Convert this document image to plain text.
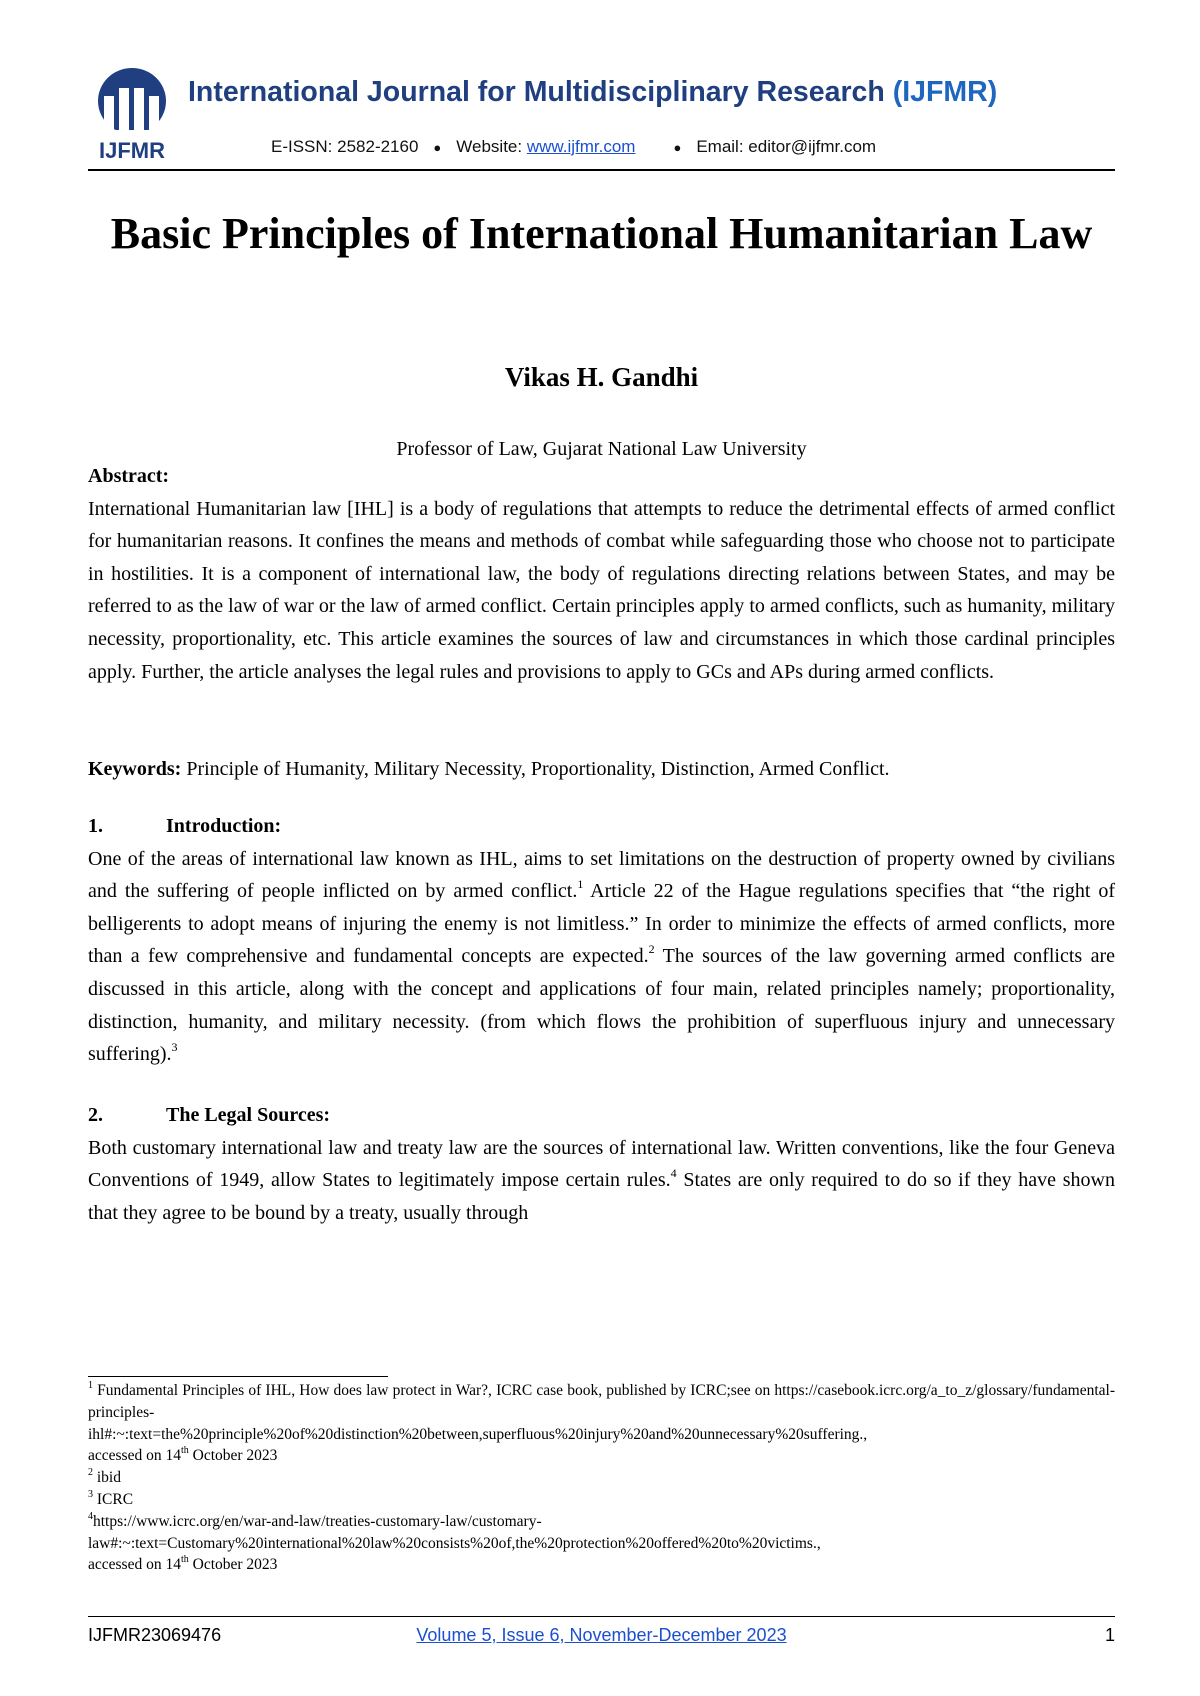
IJFMR
International Journal for Multidisciplinary Research (IJFMR)
E-ISSN: 2582-2160 ● Website: www.ijfmr.com	● Email: editor@ijfmr.com
Basic Principles of International Humanitarian Law
Vikas H. Gandhi
Professor of Law, Gujarat National Law University
Abstract:
International Humanitarian law [IHL] is a body of regulations that attempts to reduce the detrimental effects of armed conflict for humanitarian reasons. It confines the means and methods of combat while safeguarding those who choose not to participate in hostilities. It is a component of international law, the body of regulations directing relations between States, and may be referred to as the law of war or the law of armed conflict. Certain principles apply to armed conflicts, such as humanity, military necessity, proportionality, etc. This article examines the sources of law and circumstances in which those cardinal principles apply. Further, the article analyses the legal rules and provisions to apply to GCs and APs during armed conflicts.
Keywords: Principle of Humanity, Military Necessity, Proportionality, Distinction, Armed Conflict.
1.	Introduction:
One of the areas of international law known as IHL, aims to set limitations on the destruction of property owned by civilians and the suffering of people inflicted on by armed conflict.$^1$ Article 22 of the Hague regulations specifies that “the right of belligerents to adopt means of injuring the enemy is not limitless.” In order to minimize the effects of armed conflicts, more than a few comprehensive and fundamental concepts are expected.$^2$ The sources of the law governing armed conflicts are discussed in this article, along with the concept and applications of four main, related principles namely; proportionality, distinction, humanity, and military necessity. (from which flows the prohibition of superfluous injury and unnecessary suffering).$^3$
2.	The Legal Sources:
Both customary international law and treaty law are the sources of international law. Written conventions, like the four Geneva Conventions of 1949, allow States to legitimately impose certain rules.$^4$ States are only required to do so if they have shown that they agree to be bound by a treaty, usually through
$^1$ Fundamental Principles of IHL, How does law protect in War?, ICRC case book, published by ICRC;see on https://casebook.icrc.org/a_to_z/glossary/fundamental-principles-
ihl#:~:text=the%20principle%20of%20distinction%20between,superfluous%20injury%20and%20unnecessary%20suffering.,
accessed on 14th October 2023
$^2$ ibid
$^3$ ICRC
$^4$https://www.icrc.org/en/war-and-law/treaties-customary-law/customary-
law#:~:text=Customary%20international%20law%20consists%20of,the%20protection%20offered%20to%20victims.,
accessed on 14th October 2023
IJFMR23069476	Volume 5, Issue 6, November-December 2023	1
